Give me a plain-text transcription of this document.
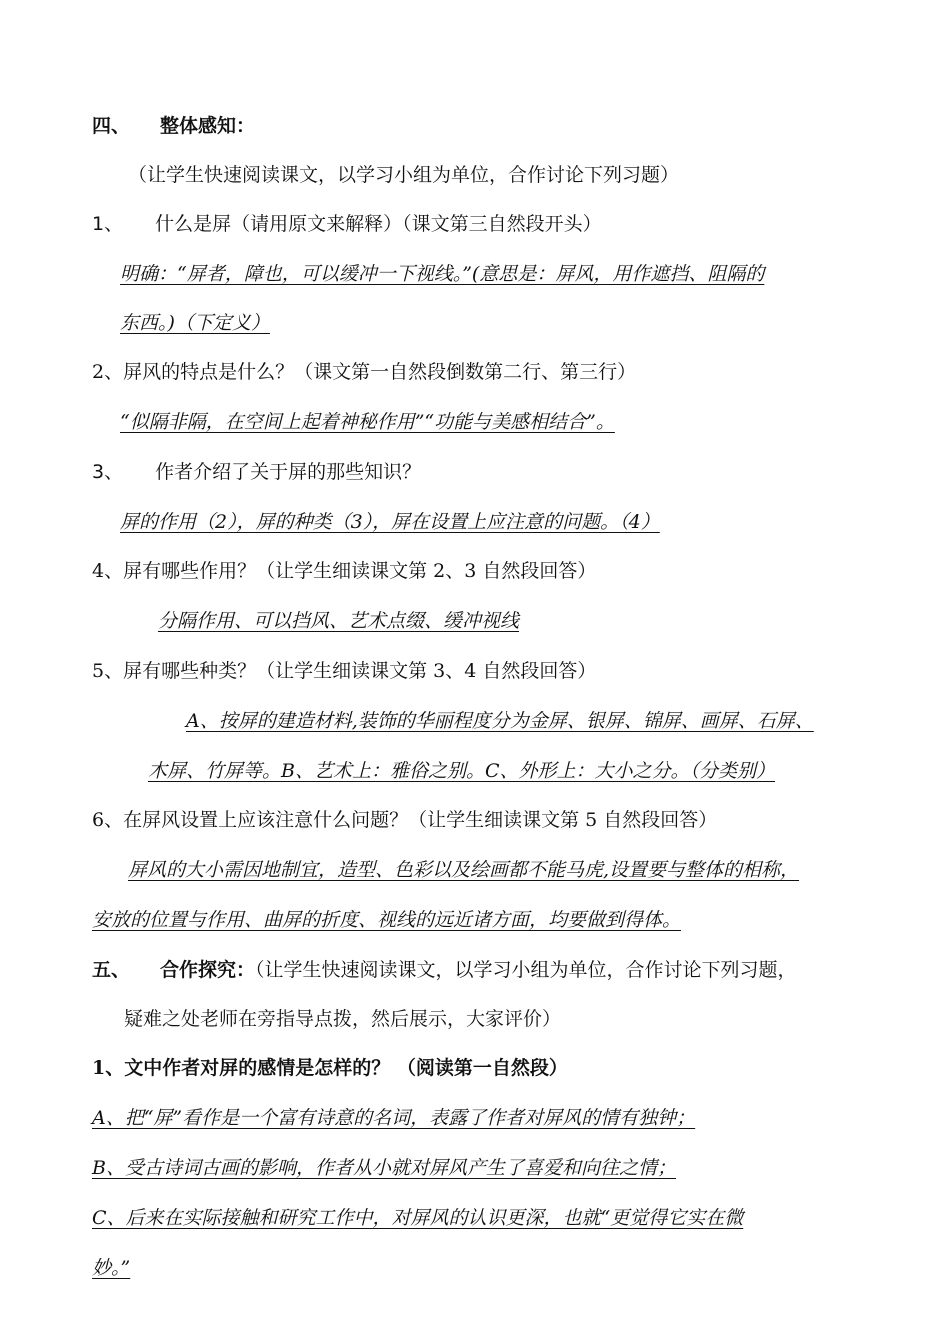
四、 整体感知：
（让学生快速阅读课文，以学习小组为单位，合作讨论下列习题）
1、 什么是屏（请用原文来解释）（课文第三自然段开头）
明确：“屏者，障也，可以缓冲一下视线。”(意思是：屏风，用作遮挡、阻隔的
东西。)（下定义）
2、屏风的特点是什么？（课文第一自然段倒数第二行、第三行）
“似隔非隔，在空间上起着神秘作用”“功能与美感相结合”。
3、 作者介绍了关于屏的那些知识？
屏的作用（2），屏的种类（3），屏在设置上应注意的问题。（4）
4、屏有哪些作用？（让学生细读课文第 2、3 自然段回答）
分隔作用、可以挡风、艺术点缀、缓冲视线
5、屏有哪些种类？（让学生细读课文第 3、4 自然段回答）
A、按屏的建造材料,装饰的华丽程度分为金屏、银屏、锦屏、画屏、石屏、
木屏、竹屏等。B、艺术上：雅俗之别。C、外形上：大小之分。（分类别）
6、在屏风设置上应该注意什么问题？（让学生细读课文第 5 自然段回答）
屏风的大小需因地制宜，造型、色彩以及绘画都不能马虎,设置要与整体的相称，
安放的位置与作用、曲屏的折度、视线的远近诸方面，均要做到得体。
五、 合作探究：（让学生快速阅读课文，以学习小组为单位，合作讨论下列习题，
疑难之处老师在旁指导点拨，然后展示，大家评价）
1、文中作者对屏的感情是怎样的？ （阅读第一自然段）
A、把“屏”看作是一个富有诗意的名词，表露了作者对屏风的情有独钟；
B、受古诗词古画的影响，作者从小就对屏风产生了喜爱和向往之情；
C、后来在实际接触和研究工作中，对屏风的认识更深，也就“更觉得它实在微
妙。”
